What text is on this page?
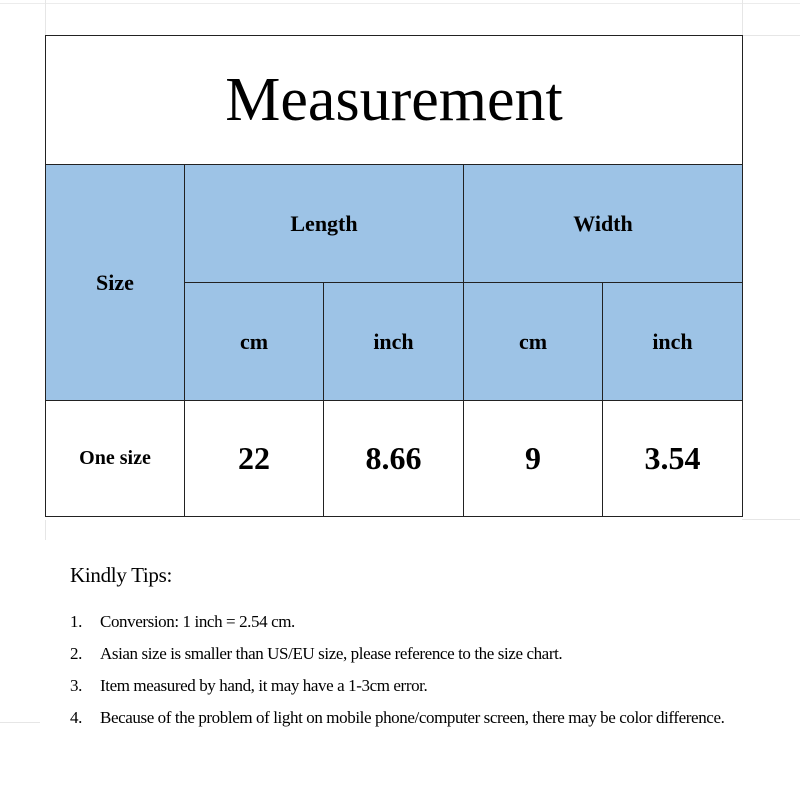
Measurement				
Size	Length		Width	
	cm	inch	cm	inch
One size	22	8.66	9	3.54
Kindly Tips:
1. Conversion: 1 inch = 2.54 cm.
2. Asian size is smaller than US/EU size, please reference to the size chart.
3. Item measured by hand, it may have a 1-3cm error.
4. Because of the problem of light on mobile phone/computer screen, there may be color difference.
